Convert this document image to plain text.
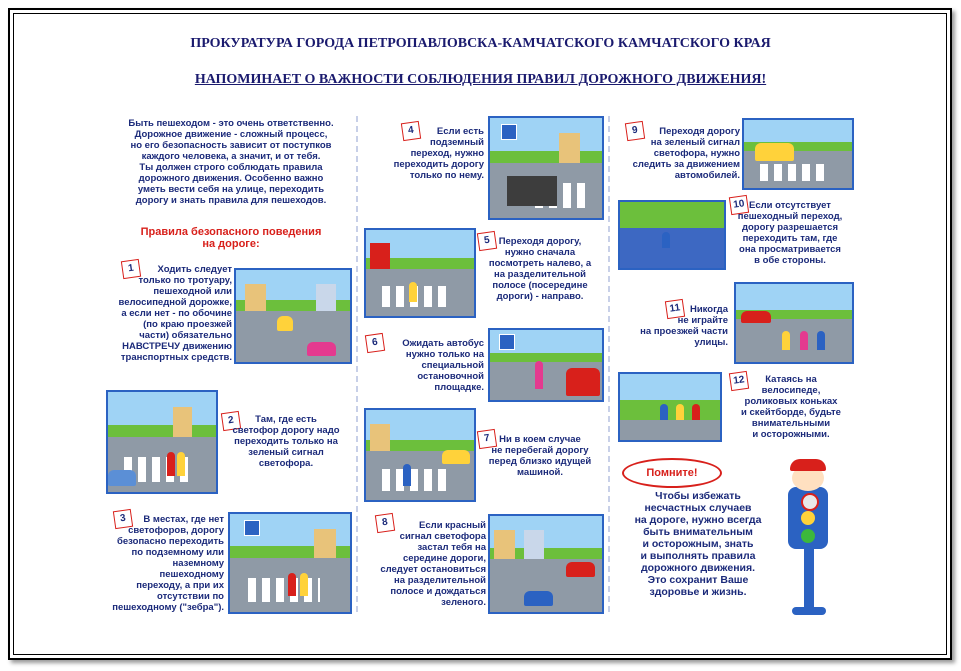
ПРОКУРАТУРА ГОРОДА ПЕТРОПАВЛОВСКА-КАМЧАТСКОГО КАМЧАТСКОГО КРАЯ
НАПОМИНАЕТ О ВАЖНОСТИ СОБЛЮДЕНИЯ ПРАВИЛ ДОРОЖНОГО ДВИЖЕНИЯ!
Быть пешеходом - это очень ответственно.
Дорожное движение - сложный процесс,
но его безопасность зависит от поступков
каждого человека, а значит, и от тебя.
Ты должен строго соблюдать правила
дорожного движения. Особенно важно
уметь вести себя на улице, переходить
дорогу и знать правила для пешеходов.
Правила безопасного поведения
на дороге:
1	Ходить следует
только по тротуару,
пешеходной или
велосипедной дорожке,
а если нет - по обочине
(по краю проезжей
части) обязательно
НАВСТРЕЧУ движению
транспортных средств.
2	Там, где есть
светофор дорогу надо
переходить только на
зеленый сигнал
светофора.
3	В местах, где нет
светофоров, дорогу
безопасно переходить
по подземному или
наземному
пешеходному
переходу, а при их
отсутствии по
пешеходному ("зебра").
4	Если есть
подземный
переход, нужно
переходить дорогу
только по нему.
5 Переходя дорогу,
нужно сначала
посмотреть налево, а
на разделительной
полосе (посередине
дороги) - направо.
6	Ожидать автобус
нужно только на
специальной
остановочной
площадке.
7 Ни в коем случае
не перебегай дорогу
перед близко идущей
машиной.
8	Если красный
сигнал светофора
застал тебя на
середине дороги,
следует остановиться
на разделительной
полосе и дождаться
зеленого.
9	Переходя дорогу
на зеленый сигнал
светофора, нужно
следить за движением
автомобилей.
10 Если отсутствует
пешеходный переход,
дорогу разрешается
переходить там, где
она просматривается
в обе стороны.
11 Никогда
не играйте
на проезжей части
улицы.
12	Катаясь на
велосипеде,
роликовых коньках
и скейтборде, будьте
внимательными
и осторожными.
Помните!
Чтобы избежать
несчастных случаев
на дороге, нужно всегда
быть внимательным
и осторожным, знать
и выполнять правила
дорожного движения.
Это сохранит Ваше
здоровье и жизнь.
